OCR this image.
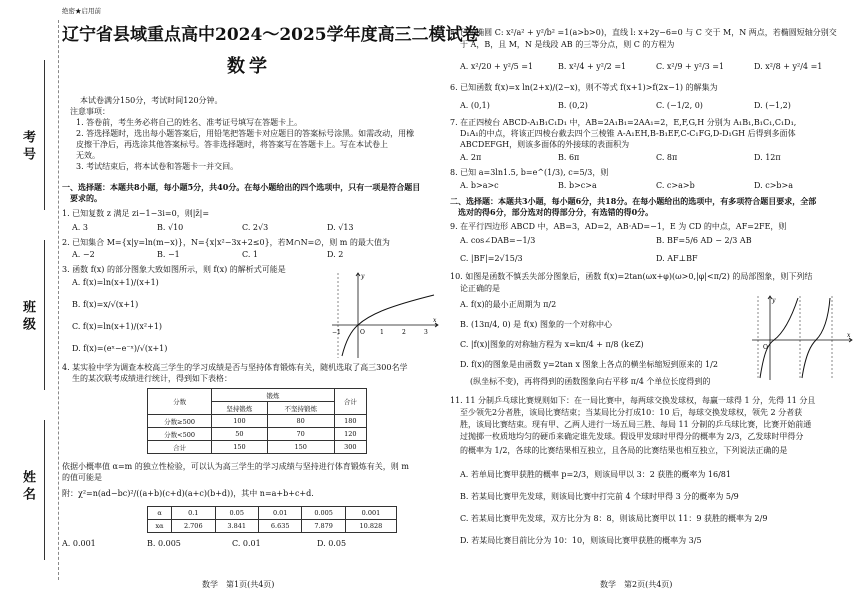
考号
班级
姓名
绝密★启用前
辽宁省县域重点高中2024～2025学年度高三二模试卷
数学
本试卷满分150分，考试时间120分钟。
注意事项：
1. 答卷前，考生务必将自己的姓名、准考证号填写在答题卡上。
2. 答选择题时，选出每小题答案后，用铅笔把答题卡对应题目的答案标号涂黑。如需改动，用橡
皮擦干净后，再选涂其他答案标号。答非选择题时，将答案写在答题卡上。写在本试卷上
无效。
3. 考试结束后，将本试卷和答题卡一并交回。
一、选择题：本题共8小题，每小题5分，共40分。在每小题给出的四个选项中，只有一项是符合题目
要求的。
1. 已知复数 z 满足 zi−1−3i=0，则|z̄|=
A. 3	B. √10	C. 2√3	D. √13
2. 已知集合 M={x|y=ln(m−x)}，N={x|x²−3x+2≤0}，若M∩N=∅，则 m 的最大值为
A. −2	B. −1	C. 1	D. 2
3. 函数 f(x) 的部分图象大致如图所示，则 f(x) 的解析式可能是
A. f(x)=ln(x+1)/(x+1)
B. f(x)=x/√(x+1)
C. f(x)=ln(x+1)/(x²+1)
D. f(x)=(eˣ−e⁻ˣ)/√(x+1)
−1	O	1	2	3
x
y
4. 某实验中学为调查本校高三学生的学习成绩是否与坚持体育锻炼有关，随机选取了高三300名学
生的某次联考成绩进行统计，得到如下表格：
分数	锻炼		合计
	坚持锻炼	不坚持锻炼	
分数≥500	100	80	180
分数<500	50	70	120
合计	150	150	300
依据小概率值 α=m 的独立性检验，可以认为高三学生的学习成绩与坚持进行体育锻炼有关，则 m
的值可能是
附：χ²=n(ad−bc)²/((a+b)(c+d)(a+c)(b+d))，其中 n=a+b+c+d.
α	0.1	0.05	0.01	0.005	0.001
xα	2.706	3.841	6.635	7.879	10.828
A. 0.001	B. 0.005	C. 0.01	D. 0.05
数学　第1页(共4页)
5. 已知椭圆 C: x²/a² + y²/b² =1(a>b>0)，直线 l: x+2y−6=0 与 C 交于 M，N 两点，若椭圆短轴分别交
于 A，B，且 M，N 是线段 AB 的三等分点，则 C 的方程为
A. x²/20 + y²/5 =1	B. x²/4 + y²/2 =1	C. x²/9 + y²/3 =1	D. x²/8 + y²/4 =1
6. 已知函数 f(x)=x ln(2+x)/(2−x)，则不等式 f(x+1)>f(2x−1) 的解集为
A. (0,1)	B. (0,2)	C. (−1/2, 0)	D. (−1,2)
7. 在正四棱台 ABCD-A₁B₁C₁D₁ 中，AB=2A₁B₁=2AA₁=2，E,F,G,H 分别为 A₁B₁,B₁C₁,C₁D₁,
D₁A₁的中点，将该正四棱台截去四个三棱锥 A-A₁EH,B-B₁EF,C-C₁FG,D-D₁GH 后得到多面体
ABCDEFGH，则该多面体的外接球的表面积为
A. 2π	B. 6π	C. 8π	D. 12π
8. 已知 a=3ln1.5, b=e^(1/3), c=5/3，则
A. b>a>c	B. b>c>a	C. c>a>b	D. c>b>a
二、选择题：本题共3小题，每小题6分，共18分。在每小题给出的选项中，有多项符合题目要求，全部
选对的得6分，部分选对的得部分分，有选错的得0分。
9. 在平行四边形 ABCD 中，AB=3，AD=2，AB·AD=−1，E 为 CD 的中点，AF=2FE，则
A. cos∠DAB=−1/3	B. BF=5/6 AD − 2/3 AB
C. |BF|=2√15/3	D. AF⊥BF
10. 如图是函数不慎丢失部分图象后，函数 f(x)=2tan(ωx+φ)(ω>0,|φ|<π/2) 的局部图象，则下列结
论正确的是
A. f(x)的最小正周期为 π/2
B. (13π/4, 0) 是 f(x) 图象的一个对称中心
C. |f(x)|图象的对称轴方程为 x=kπ/4 + π/8 (k∈Z)
D. f(x)的图象是由函数 y=2tan x 图象上各点的横坐标缩短到原来的 1/2
(纵坐标不变)，再将得到的函数图象向右平移 π/4 个单位长度得到的
y
O
x
11. 11 分制乒乓球比赛规则如下：在一局比赛中，每两球交换发球权，每赢一球得 1 分，先得 11 分且
至少领先2分者胜，该局比赛结束；当某局比分打成10：10 后，每球交换发球权，领先 2 分者获
胜，该局比赛结束。现有甲、乙两人进行一场五局三胜、每局 11 分制的乒乓球比赛，比赛开始前通
过抛掷一枚质地均匀的硬币来确定谁先发球。假设甲发球时甲得分的概率为 2/3，乙发球时甲得分
的概率为 1/2，各球的比赛结果相互独立，且各局的比赛结果也相互独立，下列说法正确的是
A. 若单局比赛甲获胜的概率 p=2/3，则该局甲以 3：2 获胜的概率为 16/81
B. 若某局比赛甲先发球，则该局比赛中打完前 4 个球时甲得 3 分的概率为 5/9
C. 若某局比赛甲先发球，双方比分为 8：8，则该局比赛甲以 11：9 获胜的概率为 2/9
D. 若某局比赛目前比分为 10：10，则该局比赛甲获胜的概率为 3/5
数学　第2页(共4页)
